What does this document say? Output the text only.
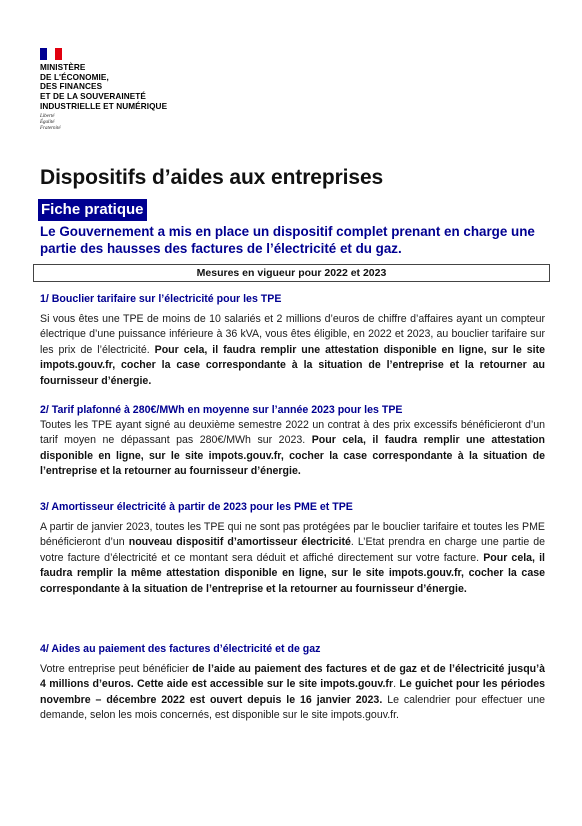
MINISTÈRE
DE L'ÉCONOMIE,
DES FINANCES
ET DE LA SOUVERAINETÉ
INDUSTRIELLE ET NUMÉRIQUE
Liberté
Égalité
Fraternité
Dispositifs d’aides aux entreprises
Fiche pratique

Le Gouvernement a mis en place un dispositif complet prenant en charge une partie des hausses des factures de l’électricité et du gaz.

Mesures en vigueur pour 2022 et 2023
1/ Bouclier tarifaire sur l’électricité pour les TPE

Si vous êtes une TPE de moins de 10 salariés et 2 millions d’euros de chiffre d’affaires ayant un compteur électrique d’une puissance inférieure à 36 kVA, vous êtes éligible, en 2022 et 2023, au bouclier tarifaire sur les prix de l’électricité. Pour cela, il faudra remplir une attestation disponible en ligne, sur le site impots.gouv.fr, cocher la case correspondante à la situation de l’entreprise et la retourner au fournisseur d’énergie.

2/ Tarif plafonné à 280€/MWh en moyenne sur l’année 2023 pour les TPE

Toutes les TPE ayant signé au deuxième semestre 2022 un contrat à des prix excessifs bénéficieront d’un tarif moyen ne dépassant pas 280€/MWh sur 2023. Pour cela, il faudra remplir une attestation disponible en ligne, sur le site impots.gouv.fr, cocher la case correspondante à la situation de l’entreprise et la retourner au fournisseur d’énergie.

3/ Amortisseur électricité à partir de 2023 pour les PME et TPE

A partir de janvier 2023, toutes les TPE qui ne sont pas protégées par le bouclier tarifaire et toutes les PME bénéficieront d’un nouveau dispositif d’amortisseur électricité. L’Etat prendra en charge une partie de votre facture d’électricité et ce montant sera déduit et affiché directement sur votre facture. Pour cela, il faudra remplir la même attestation disponible en ligne, sur le site impots.gouv.fr, cocher la case correspondante à la situation de l’entreprise et la retourner au fournisseur d’énergie.

4/ Aides au paiement des factures d’électricité et de gaz

Votre entreprise peut bénéficier de l’aide au paiement des factures et de gaz et de l’électricité jusqu’à 4 millions d’euros. Cette aide est accessible sur le site impots.gouv.fr. Le guichet pour les périodes novembre – décembre 2022 est ouvert depuis le 16 janvier 2023. Le calendrier pour effectuer une demande, selon les mois concernés, est disponible sur le site impots.gouv.fr.
